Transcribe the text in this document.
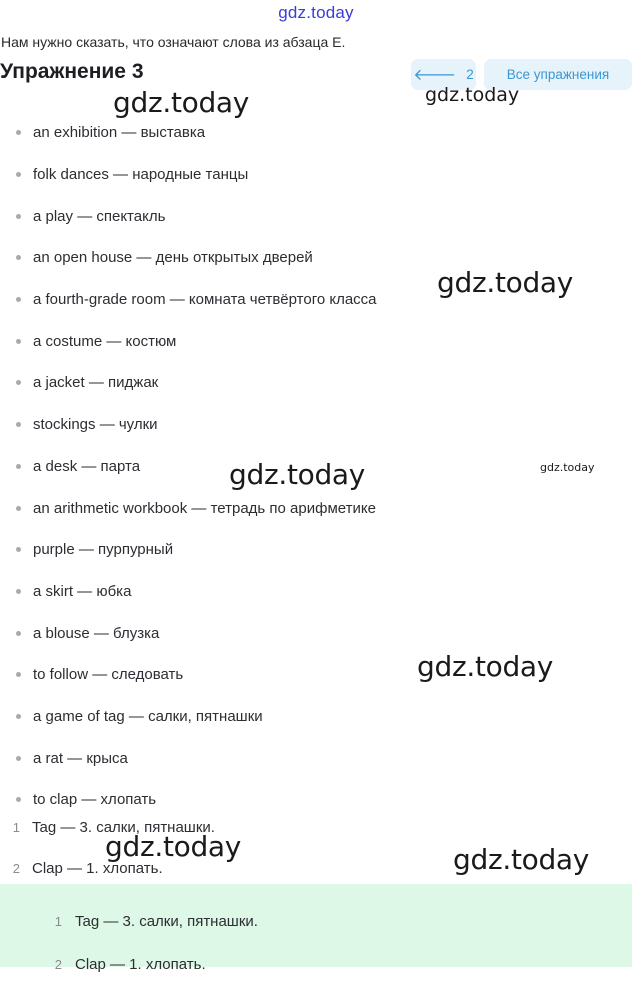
gdz.today
Нам нужно сказать, что означают слова из абзаца E.
Упражнение 3	🡐 2	Все упражнения
an exhibition — выставка
folk dances — народные танцы
a play — спектакль
an open house — день открытых дверей
a fourth-grade room — комната четвёртого класса
a costume — костюм
a jacket — пиджак
stockings — чулки
a desk — парта
an arithmetic workbook — тетрадь по арифметике
purple — пурпурный
a skirt — юбка
a blouse — блузка
to follow — следовать
a game of tag — салки, пятнашки
a rat — крыса
to clap — хлопать
1 Tag — 3. салки, пятнашки.
2 Clap — 1. хлопать.
1 Tag — 3. салки, пятнашки.
2 Clap — 1. хлопать.
gdz.today	gdz.today
gdz.today
gdz.today	gdz.today
gdz.today
gdz.today	gdz.today
